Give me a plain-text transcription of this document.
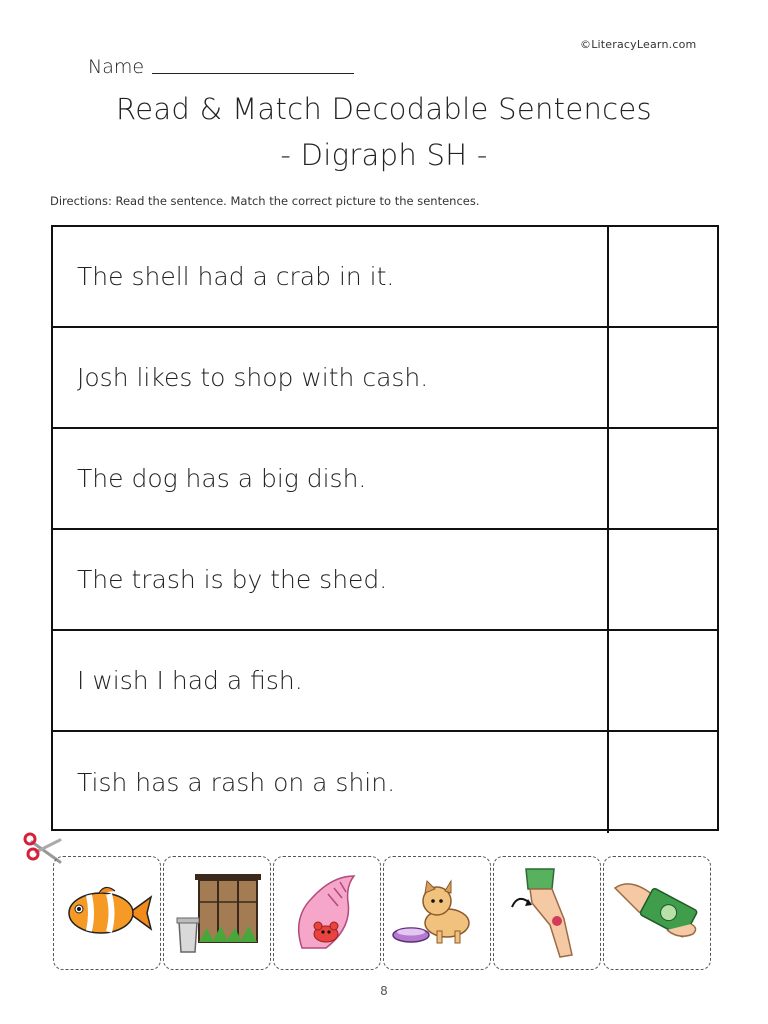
©LiteracyLearn.com
Name
Read & Match Decodable Sentences
- Digraph SH -
Directions: Read the sentence. Match the correct picture to the sentences.
The shell had a crab in it.
Josh likes to shop with cash.
The dog has a big dish.
The trash is by the shed.
I wish I had a fish.
Tish has a rash on a shin.
8
